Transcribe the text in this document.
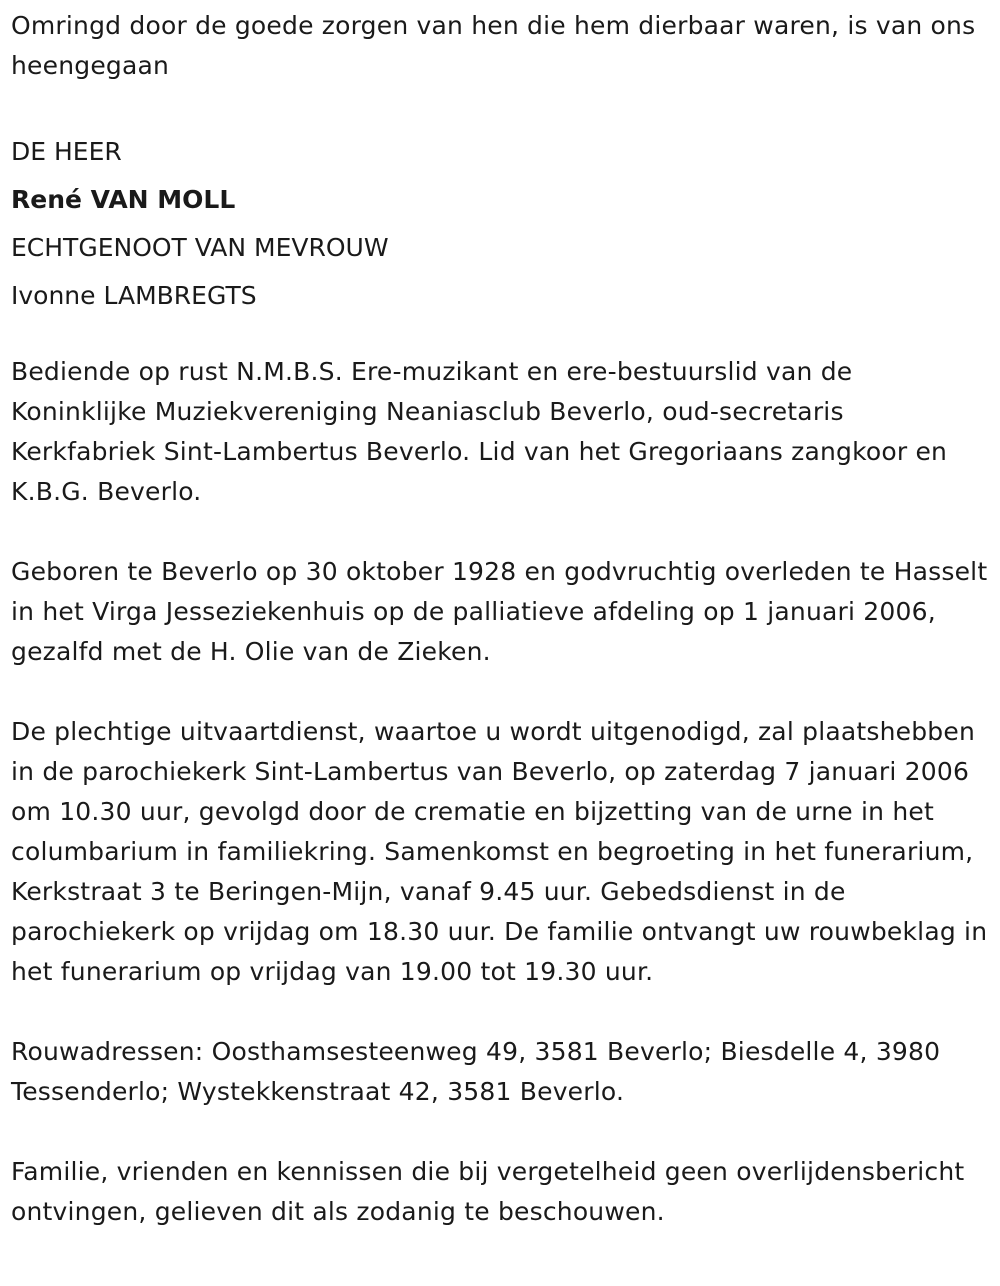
Omringd door de goede zorgen van hen die hem dierbaar waren, is van ons heengegaan

DE HEER
René VAN MOLL
ECHTGENOOT VAN MEVROUW
Ivonne LAMBREGTS

Bediende op rust N.M.B.S. Ere-muzikant en ere-bestuurslid van de Koninklijke Muziekvereniging Neaniasclub Beverlo, oud-secretaris Kerkfabriek Sint-Lambertus Beverlo. Lid van het Gregoriaans zangkoor en K.B.G. Beverlo.

Geboren te Beverlo op 30 oktober 1928 en godvruchtig overleden te Hasselt in het Virga Jesseziekenhuis op de palliatieve afdeling op 1 januari 2006, gezalfd met de H. Olie van de Zieken.

De plechtige uitvaartdienst, waartoe u wordt uitgenodigd, zal plaatshebben in de parochiekerk Sint-Lambertus van Beverlo, op zaterdag 7 januari 2006 om 10.30 uur, gevolgd door de crematie en bijzetting van de urne in het columbarium in familiekring. Samenkomst en begroeting in het funerarium, Kerkstraat 3 te Beringen-Mijn, vanaf 9.45 uur. Gebedsdienst in de parochiekerk op vrijdag om 18.30 uur. De familie ontvangt uw rouwbeklag in het funerarium op vrijdag van 19.00 tot 19.30 uur.

Rouwadressen: Oosthamsesteenweg 49, 3581 Beverlo; Biesdelle 4, 3980 Tessenderlo; Wystekkenstraat 42, 3581 Beverlo.

Familie, vrienden en kennissen die bij vergetelheid geen overlijdensbericht ontvingen, gelieven dit als zodanig te beschouwen.
